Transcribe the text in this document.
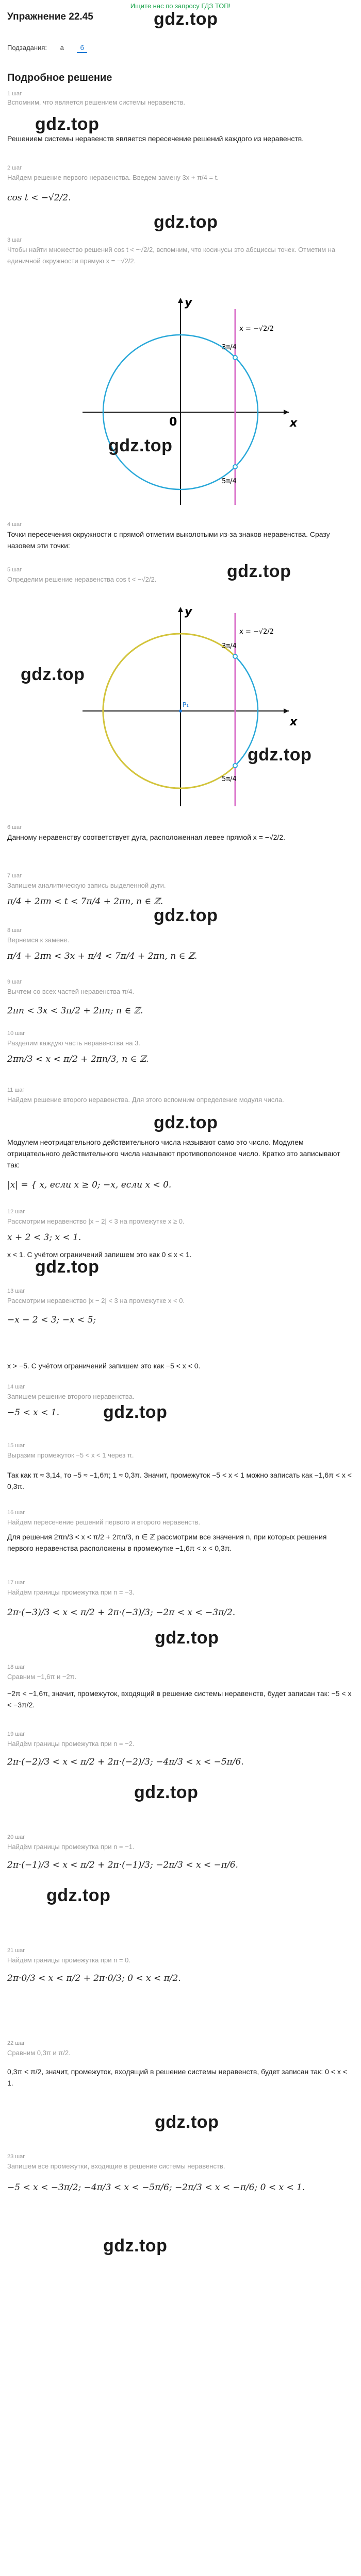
Ищите нас по запросу ГДЗ ТОП!
Упражнение 22.45	gdz.top
Подзадания: а б
Подробное решение
1 шаг
Вспомним, что является решением системы неравенств.
gdz.top
Решением системы неравенств является пересечение решений каждого из неравенств.
2 шаг
Найдем решение первого неравенства. Введем замену 3x + π/4 = t.
cos t < −√2/2.
gdz.top
3 шаг
Чтобы найти множество решений cos t < −√2/2, вспомним, что косинусы это абсциссы точек. Отметим на единичной окружности прямую x = −√2/2.
x
y
0
x = −√2/2
3π/4
5π/4
gdz.top
4 шаг
Точки пересечения окружности с прямой отметим выколотыми из-за знаков неравенства. Сразу назовем эти точки:
5 шаг
Определим решение неравенства cos t < −√2/2.	gdz.top
x
y
P₁
x = −√2/2
3π/4
5π/4
gdz.top
gdz.top
6 шаг
Данному неравенству соответствует дуга, расположенная левее прямой x = −√2/2.
7 шаг
Запишем аналитическую запись выделенной дуги.
π/4 + 2πn < t < 7π/4 + 2πn, n ∈ ℤ.
gdz.top
8 шаг
Вернемся к замене.
π/4 + 2πn < 3x + π/4 < 7π/4 + 2πn, n ∈ ℤ.
9 шаг
Вычтем со всех частей неравенства π/4.
2πn < 3x < 3π/2 + 2πn; n ∈ ℤ.
10 шаг
Разделим каждую часть неравенства на 3.
2πn/3 < x < π/2 + 2πn/3, n ∈ ℤ.
11 шаг
Найдем решение второго неравенства. Для этого вспомним определение модуля числа.
gdz.top
Модулем неотрицательного действительного числа называют само это число. Модулем отрицательного действительного числа называют противоположное число. Кратко это записывают так:
|x| = { x, если x ≥ 0; −x, если x < 0.
12 шаг
Рассмотрим неравенство |x − 2| < 3 на промежутке x ≥ 0.
x + 2 < 3; x < 1.
x < 1. С учётом ограничений запишем это как 0 ≤ x < 1.
gdz.top
13 шаг
Рассмотрим неравенство |x − 2| < 3 на промежутке x < 0.
−x − 2 < 3; −x < 5;
x > −5. С учётом ограничений запишем это как −5 < x < 0.
14 шаг
Запишем решение второго неравенства.
−5 < x < 1.	gdz.top
15 шаг
Выразим промежуток −5 < x < 1 через π.
Так как π ≈ 3,14, то −5 ≈ −1,6π; 1 ≈ 0,3π. Значит, промежуток −5 < x < 1 можно записать как −1,6π < x < 0,3π.
16 шаг
Найдем пересечение решений первого и второго неравенств.
Для решения 2πn/3 < x < π/2 + 2πn/3, n ∈ ℤ рассмотрим все значения n, при которых решения первого неравенства расположены в промежутке −1,6π < x < 0,3π.
17 шаг
Найдём границы промежутка при n = −3.
2π·(−3)/3 < x < π/2 + 2π·(−3)/3; −2π < x < −3π/2.
gdz.top
18 шаг
Сравним −1,6π и −2π.
−2π < −1,6π, значит, промежуток, входящий в решение системы неравенств, будет записан так: −5 < x < −3π/2.
19 шаг
Найдём границы промежутка при n = −2.
2π·(−2)/3 < x < π/2 + 2π·(−2)/3; −4π/3 < x < −5π/6.
gdz.top
20 шаг
Найдём границы промежутка при n = −1.
2π·(−1)/3 < x < π/2 + 2π·(−1)/3; −2π/3 < x < −π/6.
gdz.top
21 шаг
Найдём границы промежутка при n = 0.
2π·0/3 < x < π/2 + 2π·0/3; 0 < x < π/2.
22 шаг
Сравним 0,3π и π/2.
0,3π < π/2, значит, промежуток, входящий в решение системы неравенств, будет записан так: 0 < x < 1.
gdz.top
23 шаг
Запишем все промежутки, входящие в решение системы неравенств.
−5 < x < −3π/2; −4π/3 < x < −5π/6; −2π/3 < x < −π/6; 0 < x < 1.
gdz.top
